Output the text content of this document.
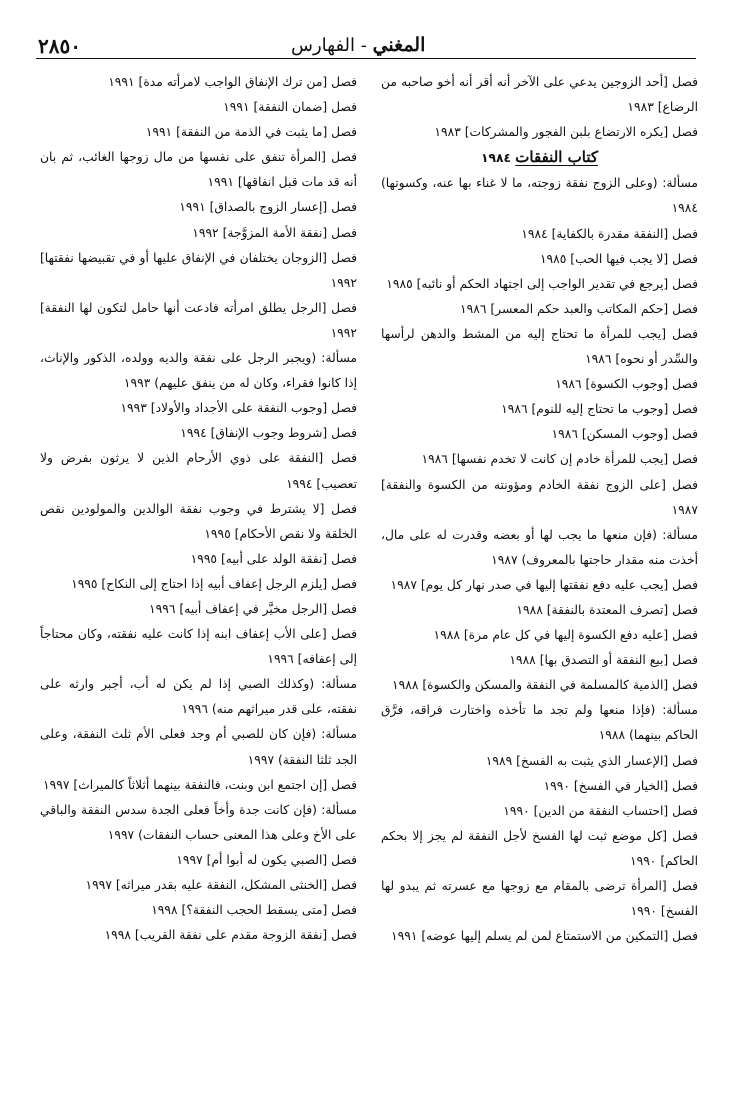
٢٨٥٠	المغني - الفهارس

فصل [أحد الزوجين يدعي على الآخر أنه أقر أنه أخو صاحبه من الرضاع] ١٩٨٣

فصل [يكره الارتضاع بلبن الفجور والمشركات] ١٩٨٣

كتاب النفقات ١٩٨٤

مسألة: (وعلى الزوج نفقة زوجته، ما لا غناء بها عنه، وكسوتها) ١٩٨٤

فصل [النفقة مقدرة بالكفاية] ١٩٨٤

فصل [لا يجب فيها الحب] ١٩٨٥

فصل [يرجع في تقدير الواجب إلى اجتهاد الحكم أو نائبه] ١٩٨٥

فصل [حكم المكاتب والعبد حكم المعسر] ١٩٨٦

فصل [يجب للمرأة ما تحتاج إليه من المشط والدهن لرأسها والسِّدر أو نحوه] ١٩٨٦

فصل [وجوب الكسوة] ١٩٨٦

فصل [وجوب ما تحتاج إليه للنوم] ١٩٨٦

فصل [وجوب المسكن] ١٩٨٦

فصل [يجب للمرأة خادم إن كانت لا تخدم نفسها] ١٩٨٦

فصل [على الزوج نفقة الخادم ومؤونته من الكسوة والنفقة] ١٩٨٧

مسألة: (فإن منعها ما يجب لها أو بعضه وقدرت له على مال، أخذت منه مقدار حاجتها بالمعروف) ١٩٨٧

فصل [يجب عليه دفع نفقتها إليها في صدر نهار كل يوم] ١٩٨٧

فصل [تصرف المعتدة بالنفقة] ١٩٨٨

فصل [عليه دفع الكسوة إليها في كل عام مرة] ١٩٨٨

فصل [بيع النفقة أو التصدق بها] ١٩٨٨

فصل [الذمية كالمسلمة في النفقة والمسكن والكسوة] ١٩٨٨

مسألة: (فإذا منعها ولم تجد ما تأخذه واختارت فراقه، فرَّق الحاكم بينهما) ١٩٨٨

فصل [الإعسار الذي يثبت به الفسخ] ١٩٨٩

فصل [الخيار في الفسخ] ١٩٩٠

فصل [احتساب النفقة من الدين] ١٩٩٠

فصل [كل موضع ثبت لها الفسخ لأجل النفقة لم يجز إلا بحكم الحاكم] ١٩٩٠

فصل [المرأة ترضى بالمقام مع زوجها مع عسرته ثم يبدو لها الفسخ] ١٩٩٠

فصل [التمكين من الاستمتاع لمن لم يسلم إليها عوضه] ١٩٩١

فصل [من ترك الإنفاق الواجب لامرأته مدة] ١٩٩١

فصل [ضمان النفقة] ١٩٩١

فصل [ما يثبت في الذمة من النفقة] ١٩٩١

فصل [المرأة تنفق على نفسها من مال زوجها الغائب، ثم بان أنه قد مات قبل انفاقها] ١٩٩١

فصل [إعسار الزوج بالصداق] ١٩٩١

فصل [نفقة الأمة المزوَّجة] ١٩٩٢

فصل [الزوجان يختلفان في الإنفاق عليها أو في تقبيضها نفقتها] ١٩٩٢

فصل [الرجل يطلق امرأته فادعت أنها حامل لتكون لها النفقة] ١٩٩٢

مسألة: (ويجبر الرجل على نفقة والديه وولده، الذكور والإناث، إذا كانوا فقراء، وكان له من ينفق عليهم) ١٩٩٣

فصل [وجوب النفقة على الأجداد والأولاد] ١٩٩٣

فصل [شروط وجوب الإنفاق] ١٩٩٤

فصل [النفقة على ذوي الأرحام الذين لا يرثون بفرض ولا تعصيب] ١٩٩٤

فصل [لا يشترط في وجوب نفقة الوالدين والمولودين نقص الخلقة ولا نقص الأحكام] ١٩٩٥

فصل [نفقة الولد على أبيه] ١٩٩٥

فصل [يلزم الرجل إعفاف أبيه إذا احتاج إلى النكاح] ١٩٩٥

فصل [الرجل مخيَّر في إعفاف أبيه] ١٩٩٦

فصل [على الأب إعفاف ابنه إذا كانت عليه نفقته، وكان محتاجاً إلى إعفافه] ١٩٩٦

مسألة: (وكذلك الصبي إذا لم يكن له أب، أجبر وارثه على نفقته، على قدر ميراثهم منه) ١٩٩٦

مسألة: (فإن كان للصبي أم وجد فعلى الأم ثلث النفقة، وعلى الجد ثلثا النفقة) ١٩٩٧

فصل [إن اجتمع ابن وبنت، فالنفقة بينهما أثلاثاً كالميراث] ١٩٩٧

مسألة: (فإن كانت جدة وأخاً فعلى الجدة سدس النفقة والباقي على الأخ وعلى هذا المعنى حساب النفقات) ١٩٩٧

فصل [الصبي يكون له أبوا أم] ١٩٩٧

فصل [الخنثى المشكل، النفقة عليه بقدر ميراثه] ١٩٩٧

فصل [متى يسقط الحجب النفقة؟] ١٩٩٨

فصل [نفقة الزوجة مقدم على نفقة القريب] ١٩٩٨
